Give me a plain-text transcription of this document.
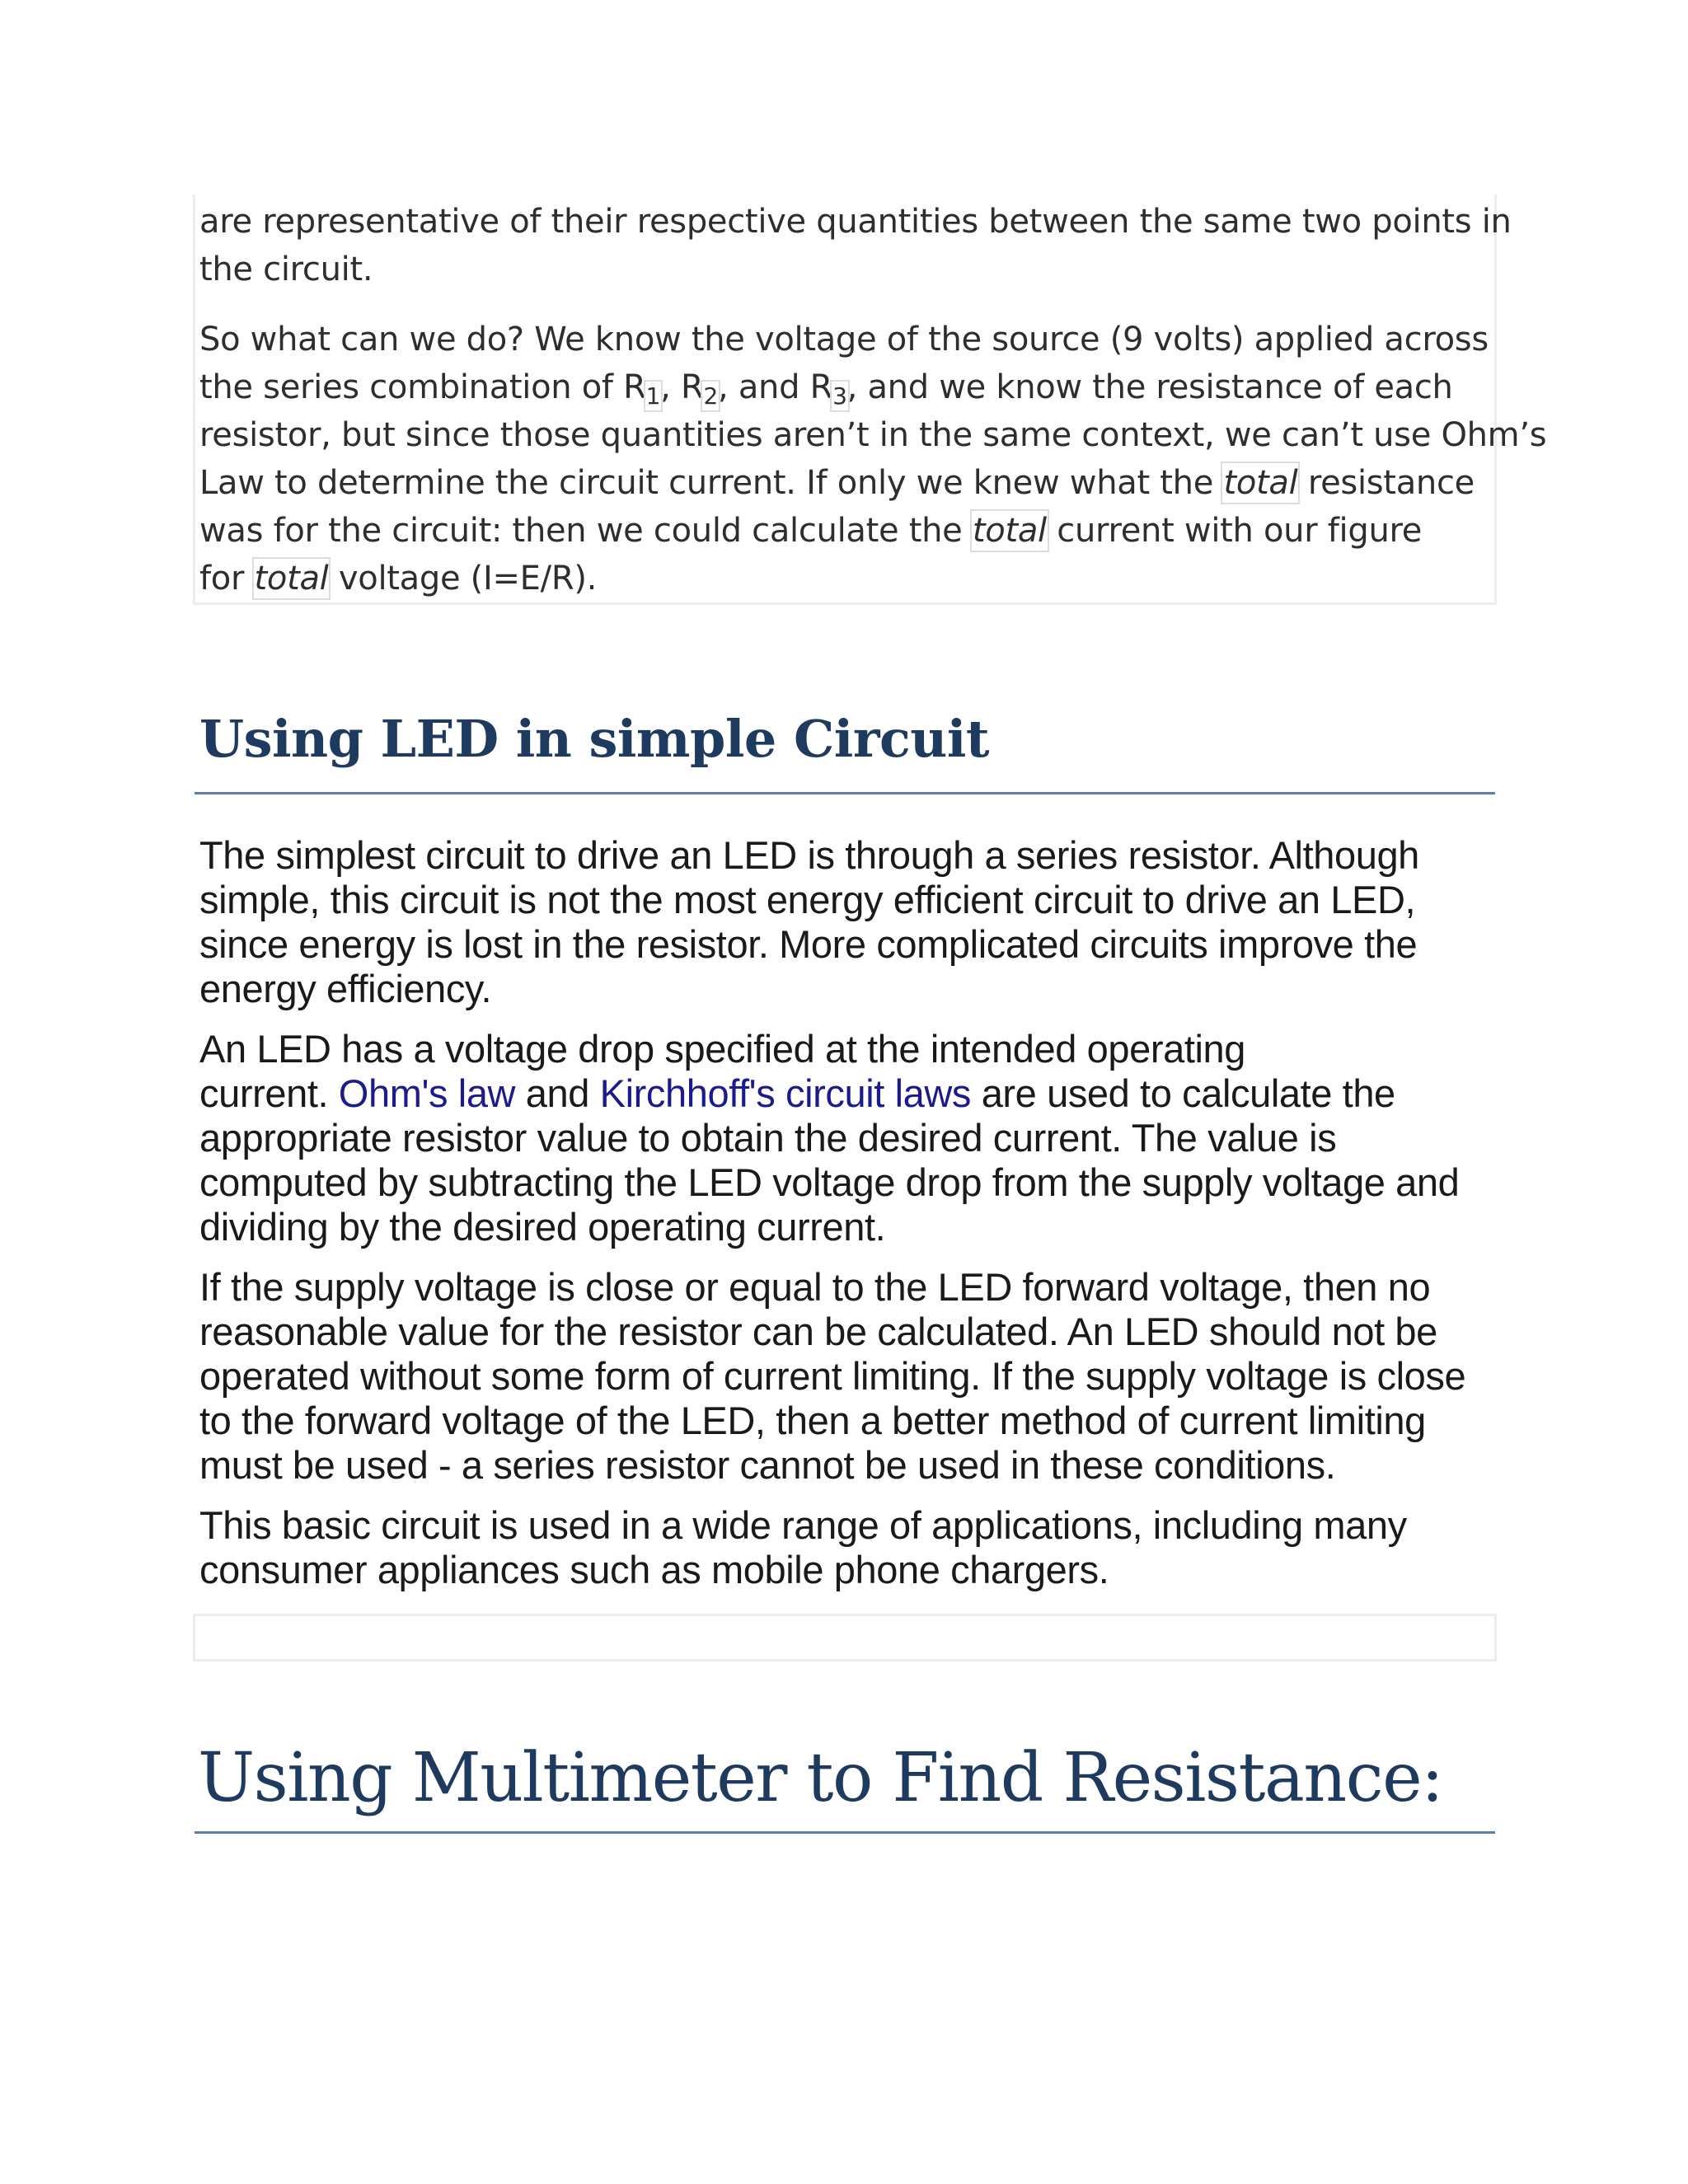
are representative of their respective quantities between the same two points in
the circuit.

So what can we do? We know the voltage of the source (9 volts) applied across
the series combination of $R_1$, $R_2$, and $R_3$, and we know the resistance of each
resistor, but since those quantities aren’t in the same context, we can’t use Ohm’s
Law to determine the circuit current. If only we knew what the total resistance
was for the circuit: then we could calculate the total current with our figure
for total voltage (I=E/R).

Using LED in simple Circuit

The simplest circuit to drive an LED is through a series resistor. Although
simple, this circuit is not the most energy efficient circuit to drive an LED,
since energy is lost in the resistor. More complicated circuits improve the
energy efficiency.

An LED has a voltage drop specified at the intended operating
current. Ohm's law and Kirchhoff's circuit laws are used to calculate the
appropriate resistor value to obtain the desired current. The value is
computed by subtracting the LED voltage drop from the supply voltage and
dividing by the desired operating current.

If the supply voltage is close or equal to the LED forward voltage, then no
reasonable value for the resistor can be calculated. An LED should not be
operated without some form of current limiting. If the supply voltage is close
to the forward voltage of the LED, then a better method of current limiting
must be used - a series resistor cannot be used in these conditions.

This basic circuit is used in a wide range of applications, including many
consumer appliances such as mobile phone chargers.

Using Multimeter to Find Resistance:
